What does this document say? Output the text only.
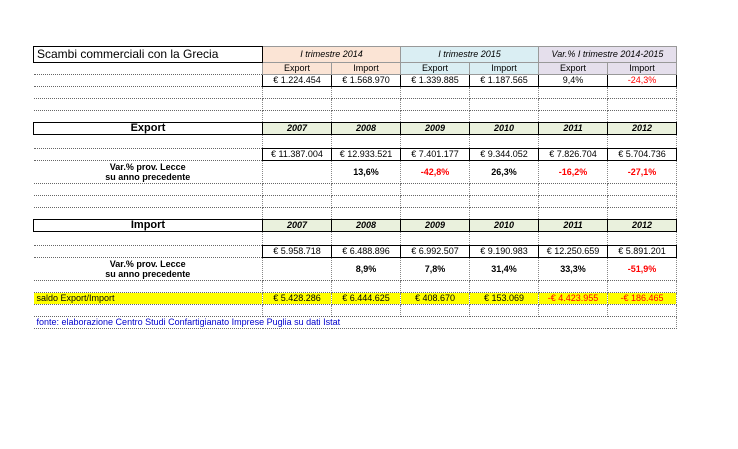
Scambi commerciali con la Grecia	I trimestre 2014		I trimestre 2015		Var.% I trimestre 2014-2015	
	Export	Import	Export	Import	Export	Import
	€ 1.224.454	€ 1.568.970	€ 1.339.885	€ 1.187.565	9,4%	-24,3%

Export	2007	2008	2009	2010	2011	2012

	€ 11.387.004	€ 12.933.521	€ 7.401.177	€ 9.344.052	€ 7.826.704	€ 5.704.736

Var.% prov. Lecce
su anno precedente		13,6%	-42,8%	26,3%	-16,2%	-27,1%

Import	2007	2008	2009	2010	2011	2012

	€ 5.958.718	€ 6.488.896	€ 6.992.507	€ 9.190.983	€ 12.250.659	€ 5.891.201

Var.% prov. Lecce
su anno precedente		8,9%	7,8%	31,4%	33,3%	-51,9%

saldo Export/Import	€ 5.428.286	€ 6.444.625	€ 408.670	€ 153.069	-€ 4.423.955	-€ 186.465

fonte: elaborazione Centro Studi Confartigianato Imprese Puglia su dati Istat						
